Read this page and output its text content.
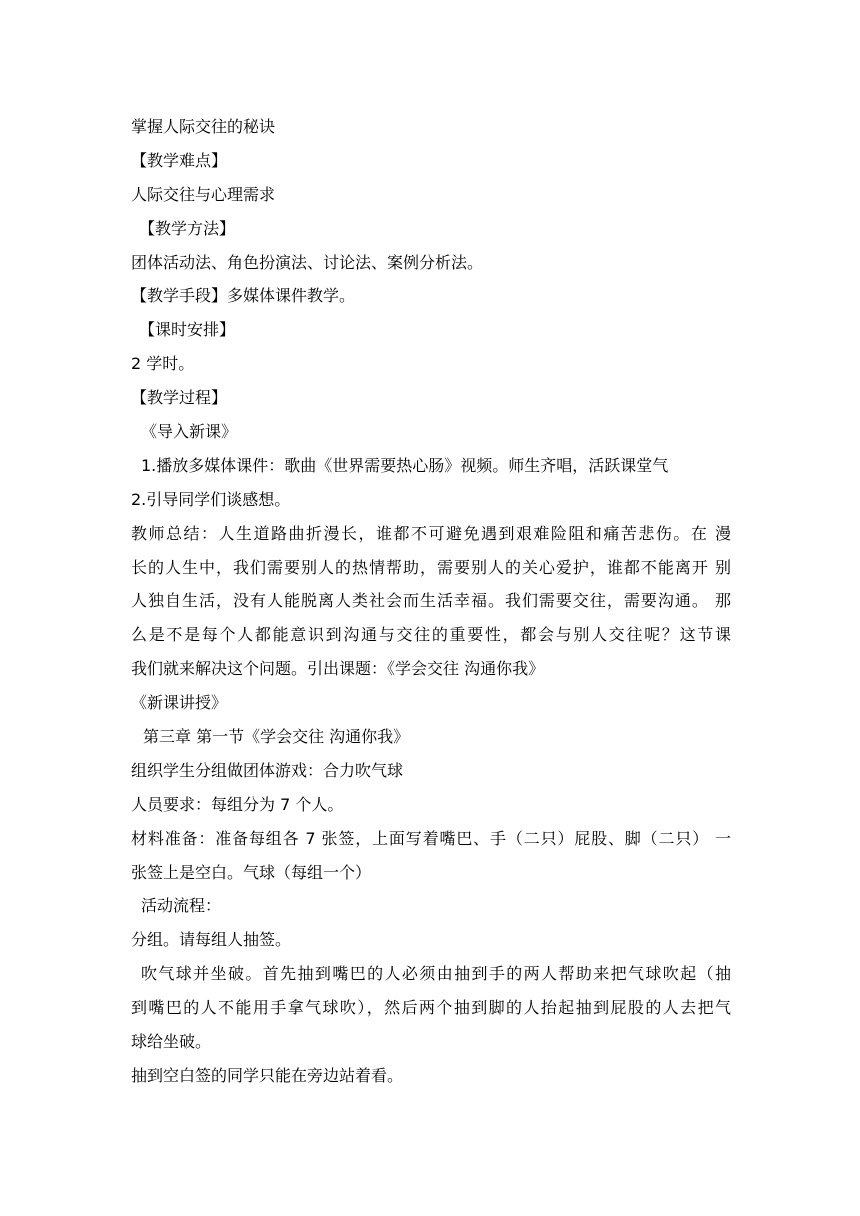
掌握人际交往的秘诀

【教学难点】

人际交往与心理需求

【教学方法】

团体活动法、角色扮演法、讨论法、案例分析法。

【教学手段】多媒体课件教学。

【课时安排】

2 学时。

【教学过程】

《导入新课》

1.播放多媒体课件：歌曲《世界需要热心肠》视频。师生齐唱，活跃课堂气

2.引导同学们谈感想。

教师总结：人生道路曲折漫长，谁都不可避免遇到艰难险阻和痛苦悲伤。在 漫

长的人生中，我们需要别人的热情帮助，需要别人的关心爱护，谁都不能离开 别

人独自生活，没有人能脱离人类社会而生活幸福。我们需要交往，需要沟通。 那

么是不是每个人都能意识到沟通与交往的重要性，都会与别人交往呢？这节课

我们就来解决这个问题。引出课题：《学会交往 沟通你我》

《新课讲授》

第三章 第一节《学会交往 沟通你我》

组织学生分组做团体游戏：合力吹气球

人员要求：每组分为 7 个人。

材料准备：准备每组各 7 张签，上面写着嘴巴、手（二只）屁股、脚（二只） 一

张签上是空白。气球（每组一个）

活动流程：

分组。请每组人抽签。

吹气球并坐破。首先抽到嘴巴的人必须由抽到手的两人帮助来把气球吹起（抽

到嘴巴的人不能用手拿气球吹），然后两个抽到脚的人抬起抽到屁股的人去把气

球给坐破。

抽到空白签的同学只能在旁边站着看。
